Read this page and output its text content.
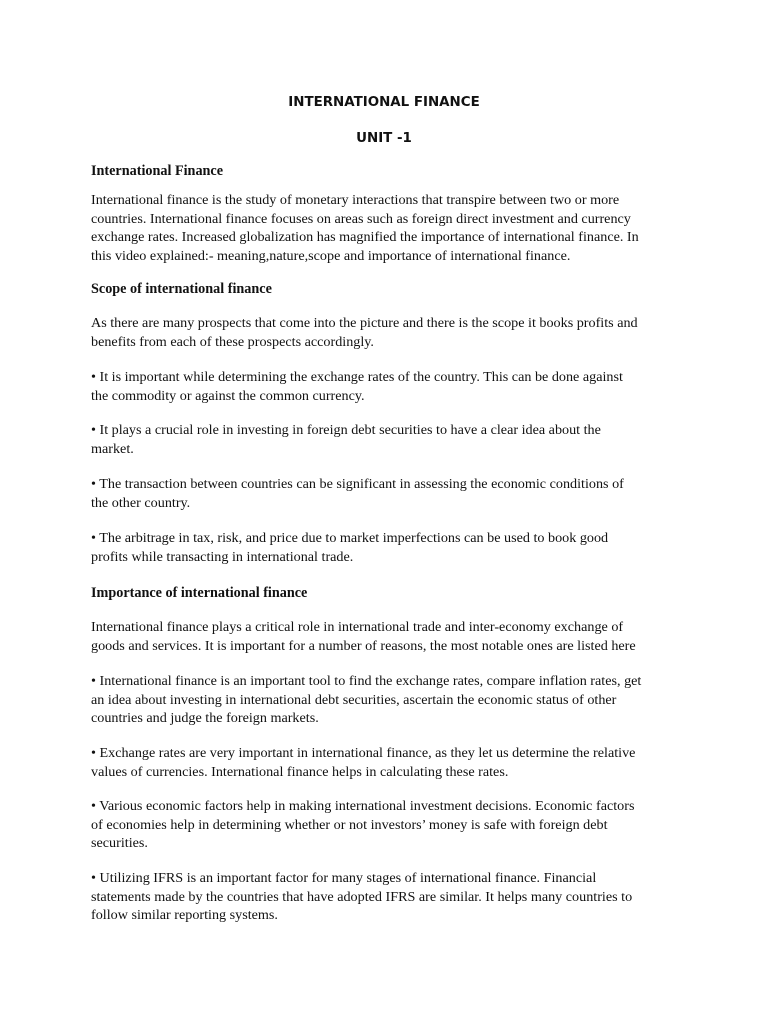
INTERNATIONAL FINANCE
UNIT -1
International Finance

International finance is the study of monetary interactions that transpire between two or more
countries. International finance focuses on areas such as foreign direct investment and currency
exchange rates. Increased globalization has magnified the importance of international finance. In
this video explained:- meaning,nature,scope and importance of international finance.

Scope of international finance

As there are many prospects that come into the picture and there is the scope it books profits and
benefits from each of these prospects accordingly.

• It is important while determining the exchange rates of the country. This can be done against
the commodity or against the common currency.

• It plays a crucial role in investing in foreign debt securities to have a clear idea about the
market.

• The transaction between countries can be significant in assessing the economic conditions of
the other country.

• The arbitrage in tax, risk, and price due to market imperfections can be used to book good
profits while transacting in international trade.

Importance of international finance

International finance plays a critical role in international trade and inter-economy exchange of
goods and services. It is important for a number of reasons, the most notable ones are listed here

• International finance is an important tool to find the exchange rates, compare inflation rates, get
an idea about investing in international debt securities, ascertain the economic status of other
countries and judge the foreign markets.

• Exchange rates are very important in international finance, as they let us determine the relative
values of currencies. International finance helps in calculating these rates.

• Various economic factors help in making international investment decisions. Economic factors
of economies help in determining whether or not investors’ money is safe with foreign debt
securities.

• Utilizing IFRS is an important factor for many stages of international finance. Financial
statements made by the countries that have adopted IFRS are similar. It helps many countries to
follow similar reporting systems.
